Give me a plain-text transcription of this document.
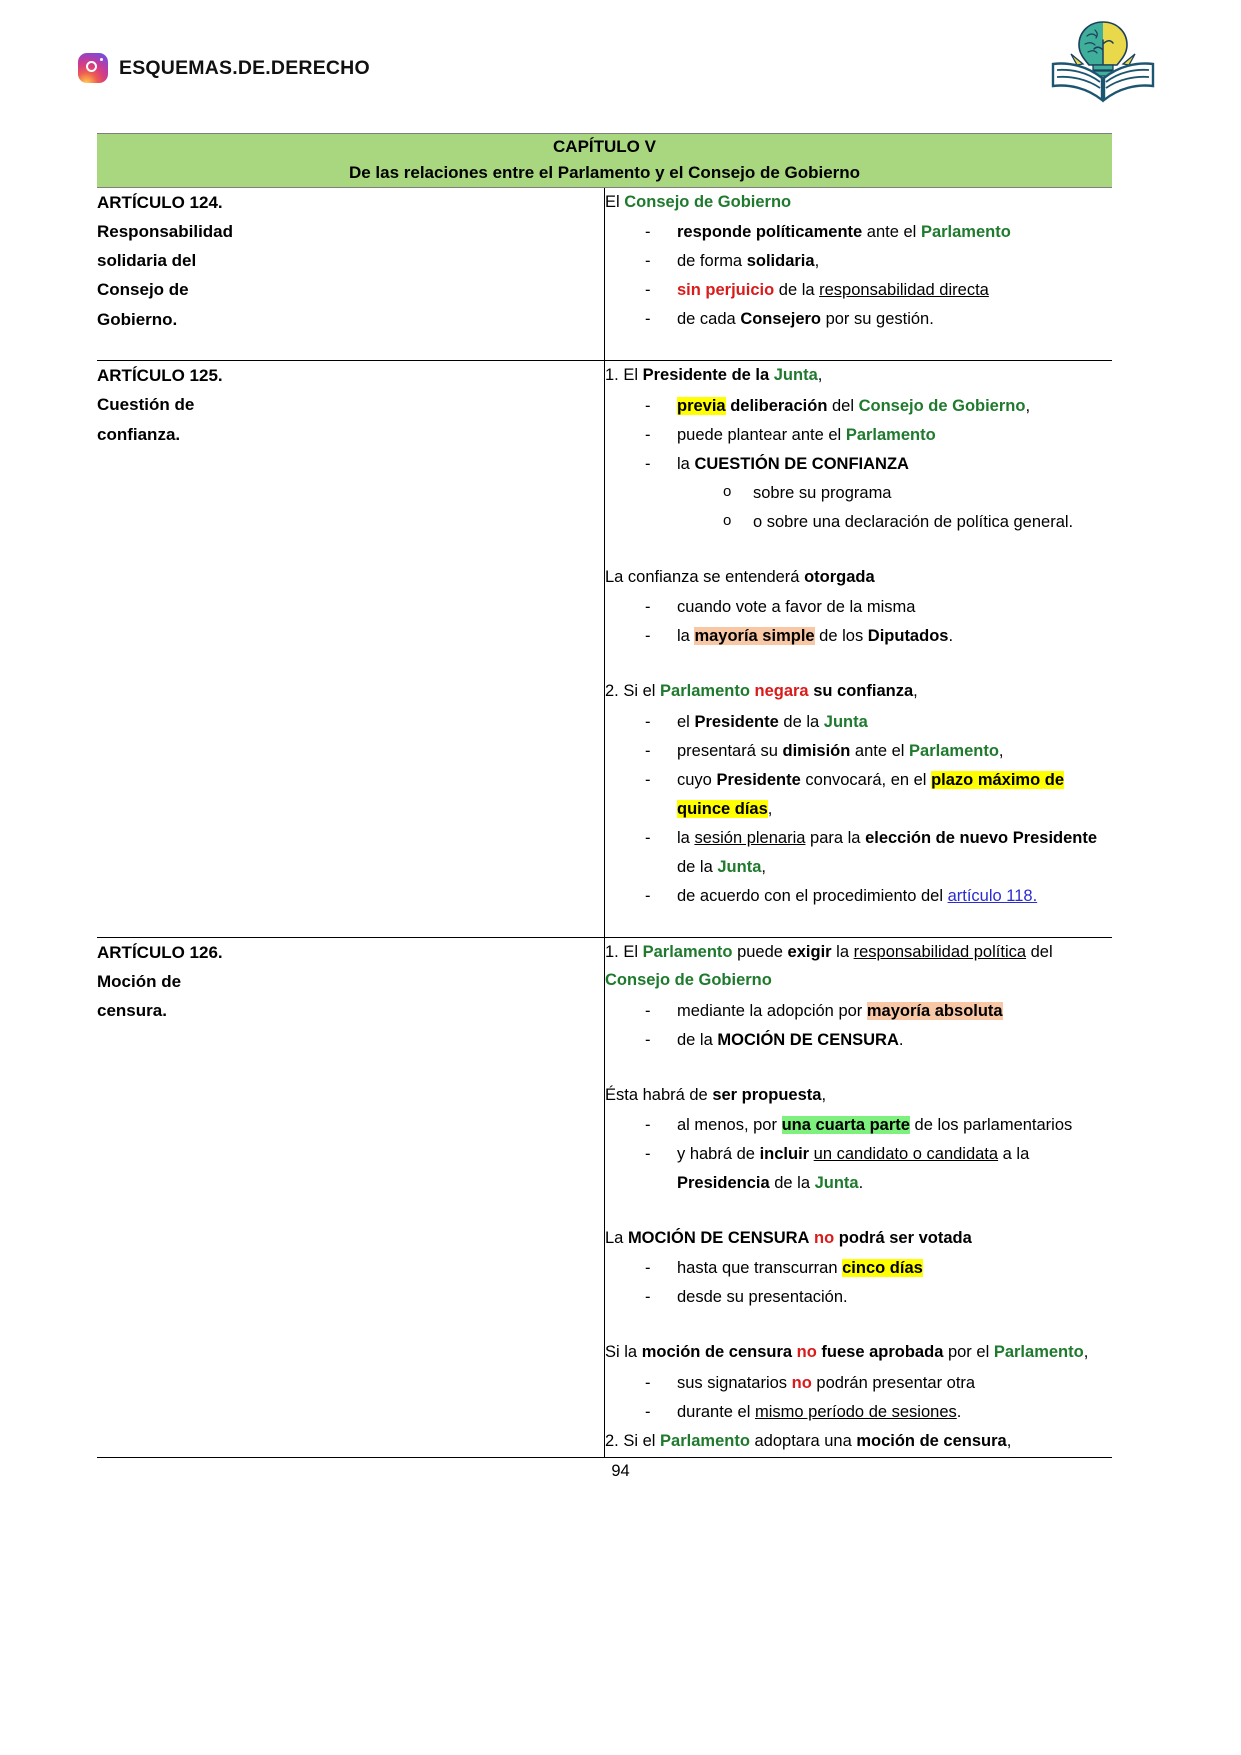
ESQUEMAS.DE.DERECHO
CAPÍTULO V
De las relaciones entre el Parlamento y el Consejo de Gobierno	

ARTÍCULO 124.
Responsabilidad
solidaria del
Consejo de
Gobierno.

El Consejo de Gobierno

- responde políticamente ante el Parlamento
- de forma solidaria,
- sin perjuicio de la responsabilidad directa
- de cada Consejero por su gestión.

ARTÍCULO 125.
Cuestión de
confianza.

1. El Presidente de la Junta,

- previa deliberación del Consejo de Gobierno,
- puede plantear ante el Parlamento
- la CUESTIÓN DE CONFIANZA
o sobre su programa
o o sobre una declaración de política general.

La confianza se entenderá otorgada

- cuando vote a favor de la misma
- la mayoría simple de los Diputados.

2. Si el Parlamento negara su confianza,

- el Presidente de la Junta
- presentará su dimisión ante el Parlamento,
- cuyo Presidente convocará, en el plazo máximo de quince días,
- la sesión plenaria para la elección de nuevo Presidente de la Junta,
- de acuerdo con el procedimiento del artículo 118.

ARTÍCULO 126.
Moción de
censura.

1. El Parlamento puede exigir la responsabilidad política del Consejo de Gobierno

- mediante la adopción por mayoría absoluta
- de la MOCIÓN DE CENSURA.

Ésta habrá de ser propuesta,

- al menos, por una cuarta parte de los parlamentarios
- y habrá de incluir un candidato o candidata a la Presidencia de la Junta.

La MOCIÓN DE CENSURA no podrá ser votada

- hasta que transcurran cinco días
- desde su presentación.

Si la moción de censura no fuese aprobada por el Parlamento,

- sus signatarios no podrán presentar otra
- durante el mismo período de sesiones.

2. Si el Parlamento adoptara una moción de censura,

94
